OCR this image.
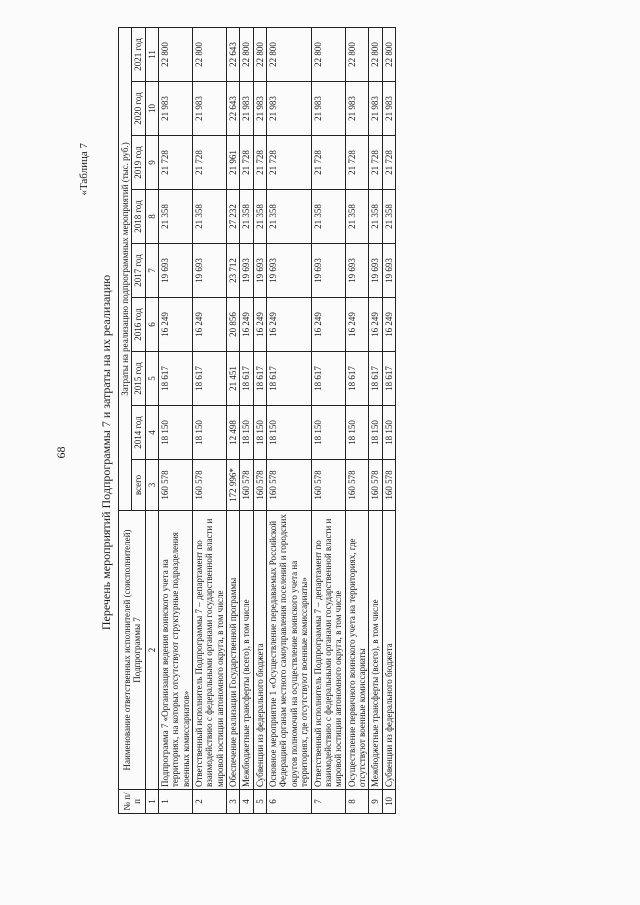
68
«Таблица 7
Перечень мероприятий Подпрограммы 7 и затраты на их реализацию
№ п/п	Наименование ответственных исполнителей (соисполнителей) Подпрограммы 7	Затраты на реализацию подпрограммных мероприятий (тыс. руб.)								
		всего	2014 год	2015 год	2016 год	2017 год	2018 год	2019 год	2020 год	2021 год
1	2	3	4	5	6	7	8	9	10	11
1	Подпрограмма 7 «Организация ведения воинского учета на территориях, на которых отсутствуют структурные подразделения военных комиссариатов»	160 578	18 150	18 617	16 249	19 693	21 358	21 728	21 983	22 800
2	Ответственный исполнитель Подпрограммы 7 – департамент по взаимодействию с федеральными органами государственной власти и мировой юстиции автономного округа, в том числе	160 578	18 150	18 617	16 249	19 693	21 358	21 728	21 983	22 800
3	Обеспечение реализации Государственной программы	172 996*	12 498	21 451	20 856	23 712	27 232	21 961	22 643	22 643
4	Межбюджетные трансферты (всего), в том числе	160 578	18 150	18 617	16 249	19 693	21 358	21 728	21 983	22 800
5	Субвенции из федерального бюджета	160 578	18 150	18 617	16 249	19 693	21 358	21 728	21 983	22 800
6	Основное мероприятие 1 «Осуществление передаваемых Российской Федерацией органам местного самоуправления поселений и городских округов полномочий на осуществление воинского учета на территориях, где отсутствуют военные комиссариаты»	160 578	18 150	18 617	16 249	19 693	21 358	21 728	21 983	22 800
7	Ответственный исполнитель Подпрограммы 7 – департамент по взаимодействию с федеральными органами государственной власти и мировой юстиции автономного округа, в том числе	160 578	18 150	18 617	16 249	19 693	21 358	21 728	21 983	22 800
8	Осуществление первичного воинского учета на территориях, где отсутствуют военные комиссариаты	160 578	18 150	18 617	16 249	19 693	21 358	21 728	21 983	22 800
9	Межбюджетные трансферты (всего), в том числе	160 578	18 150	18 617	16 249	19 693	21 358	21 728	21 983	22 800
10	Субвенции из федерального бюджета	160 578	18 150	18 617	16 249	19 693	21 358	21 728	21 983	22 800
